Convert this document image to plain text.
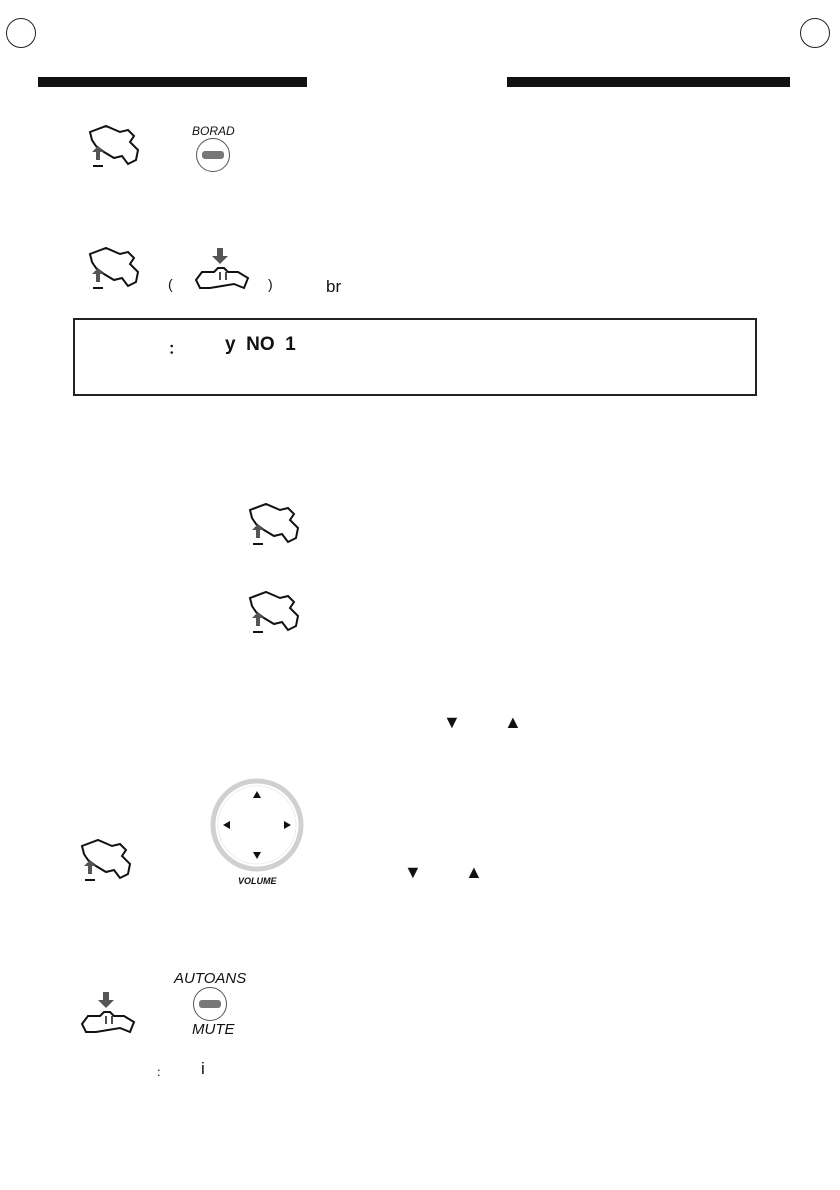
BORAD
(	)	br
： y  NO  1
▼ ▲
VOLUME	▼ ▲
AUTOANS
MUTE
： i
